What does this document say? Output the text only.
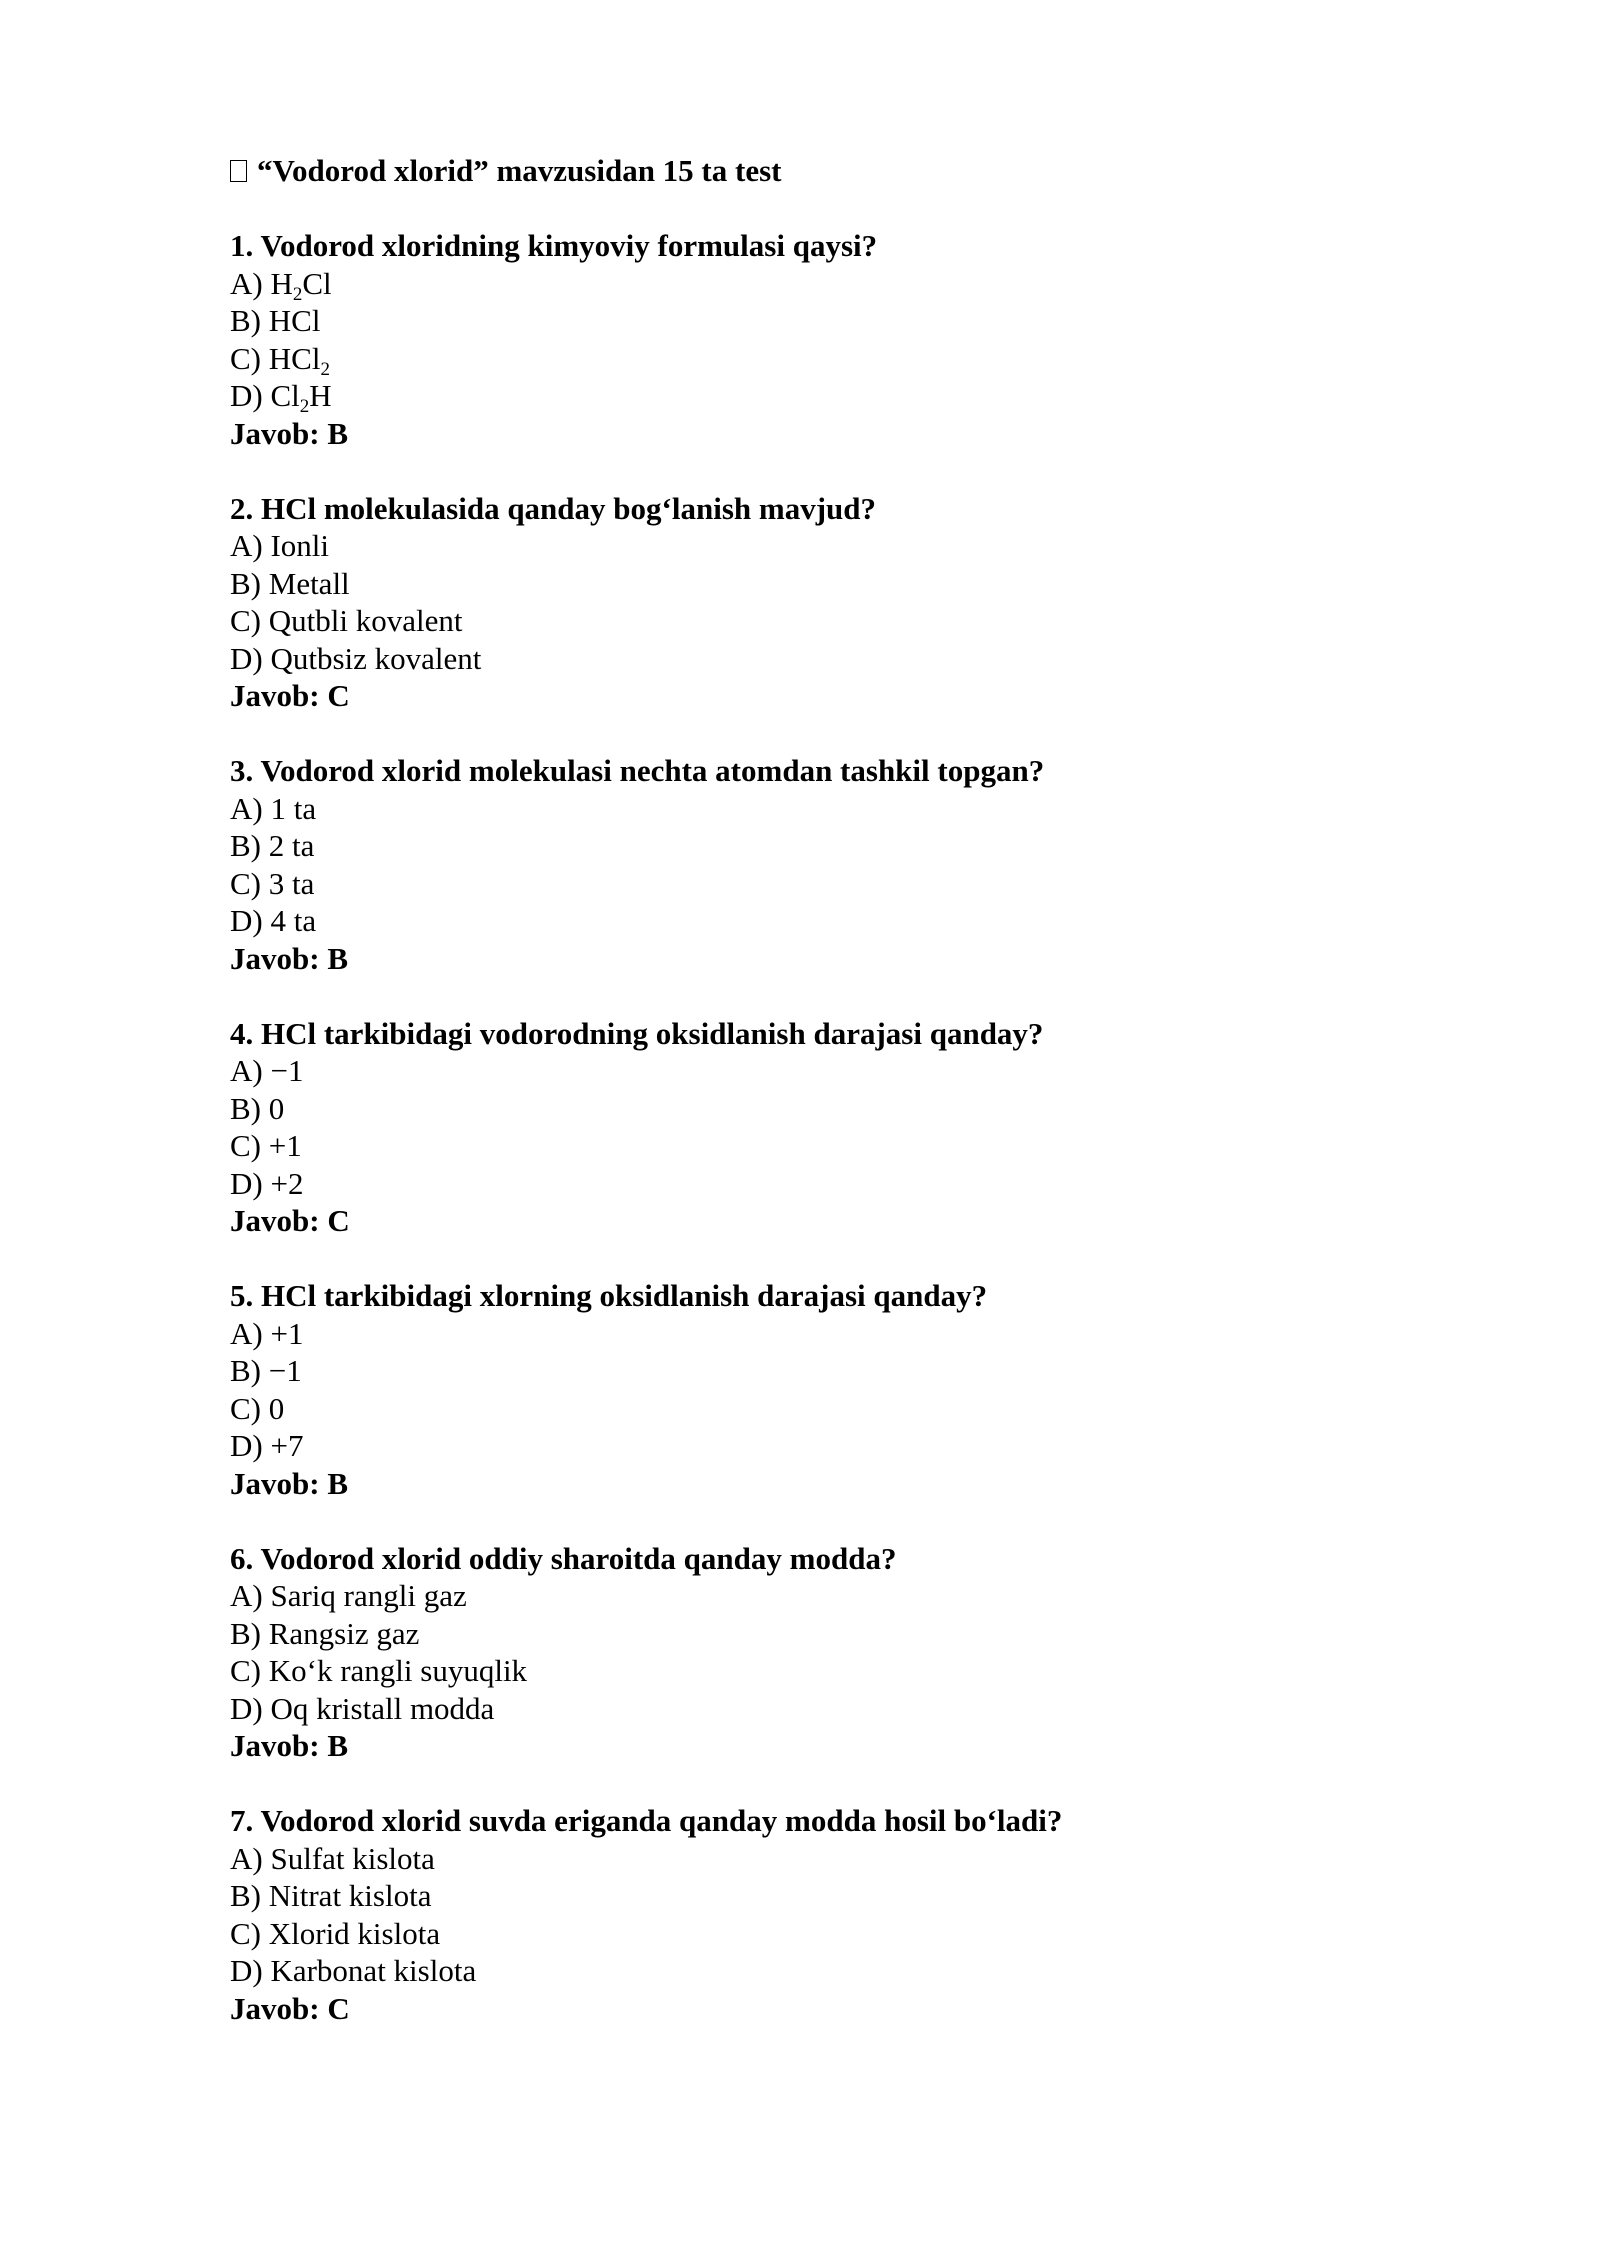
“Vodorod xlorid” mavzusidan 15 ta test
1. Vodorod xloridning kimyoviy formulasi qaysi?
A) $H_2Cl$
B) HCl
C) HCl$_2$
D) $Cl_2H$
Javob: B
2. HCl molekulasida qanday bog‘lanish mavjud?
A) Ionli
B) Metall
C) Qutbli kovalent
D) Qutbsiz kovalent
Javob: C
3. Vodorod xlorid molekulasi nechta atomdan tashkil topgan?
A) 1 ta
B) 2 ta
C) 3 ta
D) 4 ta
Javob: B
4. HCl tarkibidagi vodorodning oksidlanish darajasi qanday?
A) −1
B) 0
C) +1
D) +2
Javob: C
5. HCl tarkibidagi xlorning oksidlanish darajasi qanday?
A) +1
B) −1
C) 0
D) +7
Javob: B
6. Vodorod xlorid oddiy sharoitda qanday modda?
A) Sariq rangli gaz
B) Rangsiz gaz
C) Ko‘k rangli suyuqlik
D) Oq kristall modda
Javob: B
7. Vodorod xlorid suvda eriganda qanday modda hosil bo‘ladi?
A) Sulfat kislota
B) Nitrat kislota
C) Xlorid kislota
D) Karbonat kislota
Javob: C
